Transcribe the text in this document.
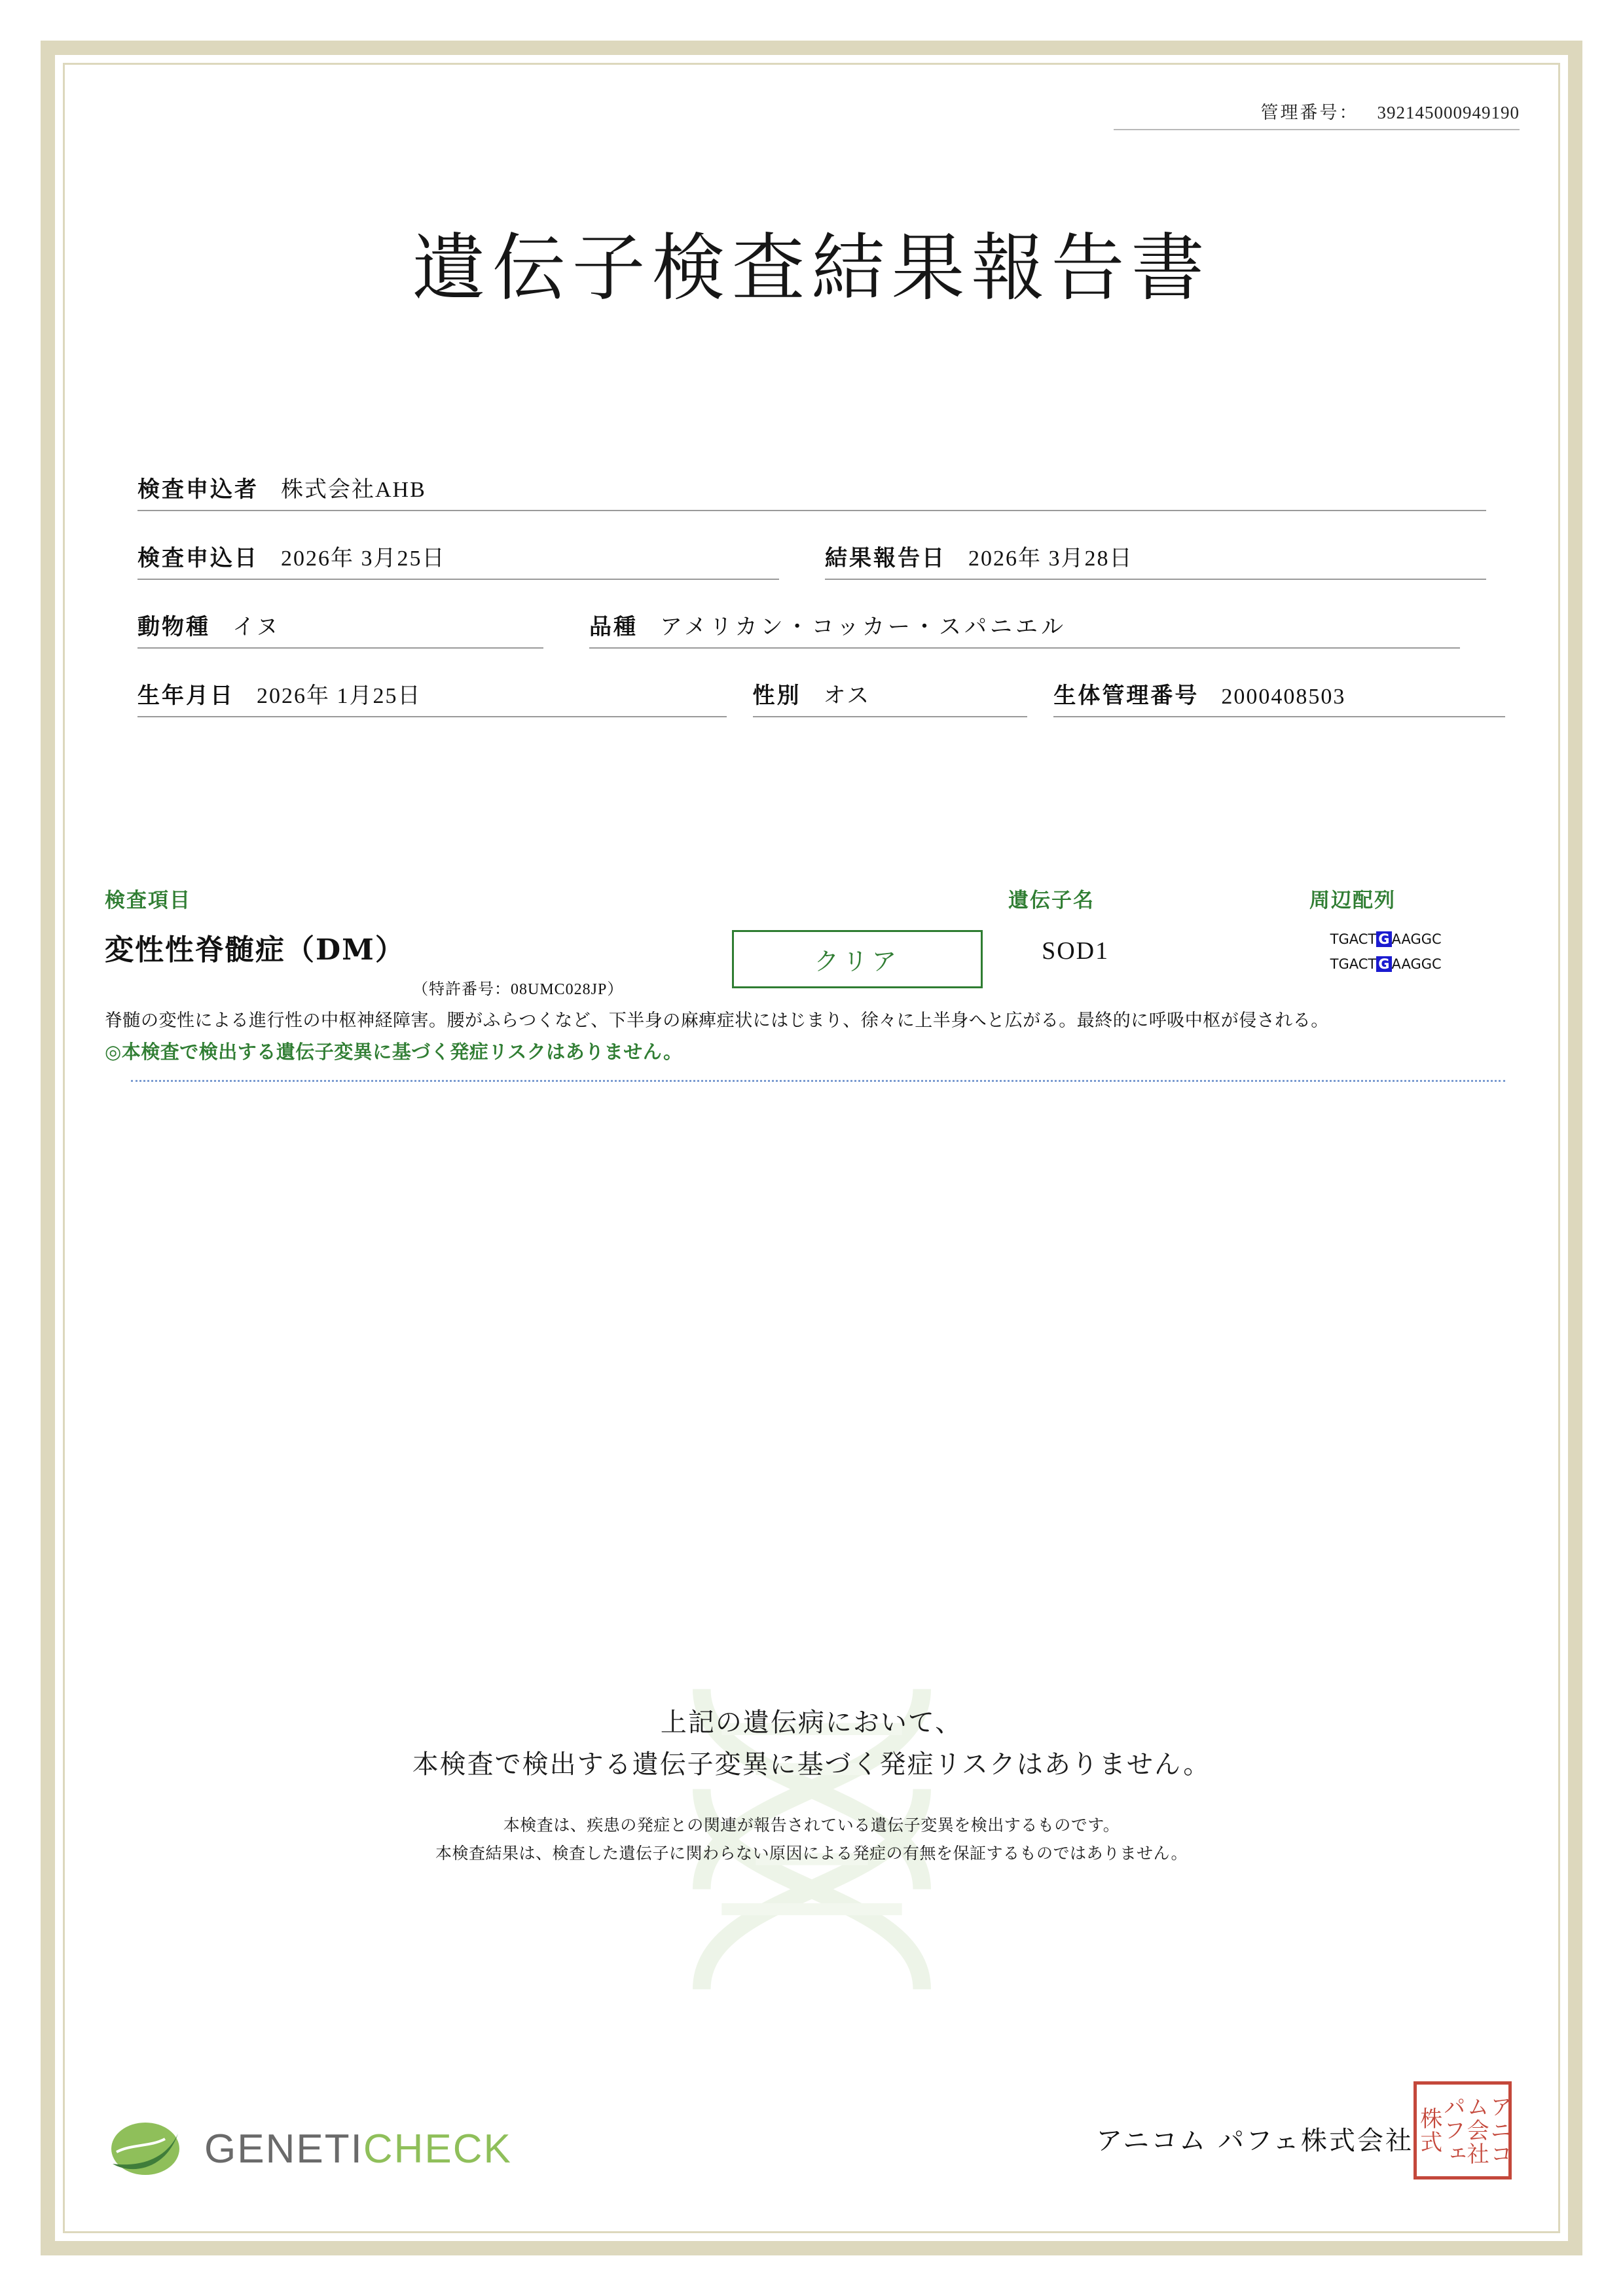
管理番号： 392145000949190
遺伝子検査結果報告書
検査申込者 株式会社AHB
検査申込日 2026年 3月25日	結果報告日 2026年 3月28日
動物種 イヌ	品種 アメリカン・コッカー・スパニエル
生年月日 2026年 1月25日	性別 オス	生体管理番号 2000408503
検査項目	遺伝子名	周辺配列
変性性脊髄症（DM）
（特許番号：08UMC028JP）
クリア	SOD1	TGACT G AAGGC
TGACT G AAGGC
脊髄の変性による進行性の中枢神経障害。腰がふらつくなど、下半身の麻痺症状にはじまり、徐々に上半身へと広がる。最終的に呼吸中枢が侵される。
◎本検査で検出する遺伝子変異に基づく発症リスクはありません。
上記の遺伝病において、
本検査で検出する遺伝子変異に基づく発症リスクはありません。
本検査は、疾患の発症との関連が報告されている遺伝子変異を検出するものです。
本検査結果は、検査した遺伝子に関わらない原因による発症の有無を保証するものではありません。
GENETICHECK	アニコム パフェ株式会社	パフェ株式	アニコム会社
